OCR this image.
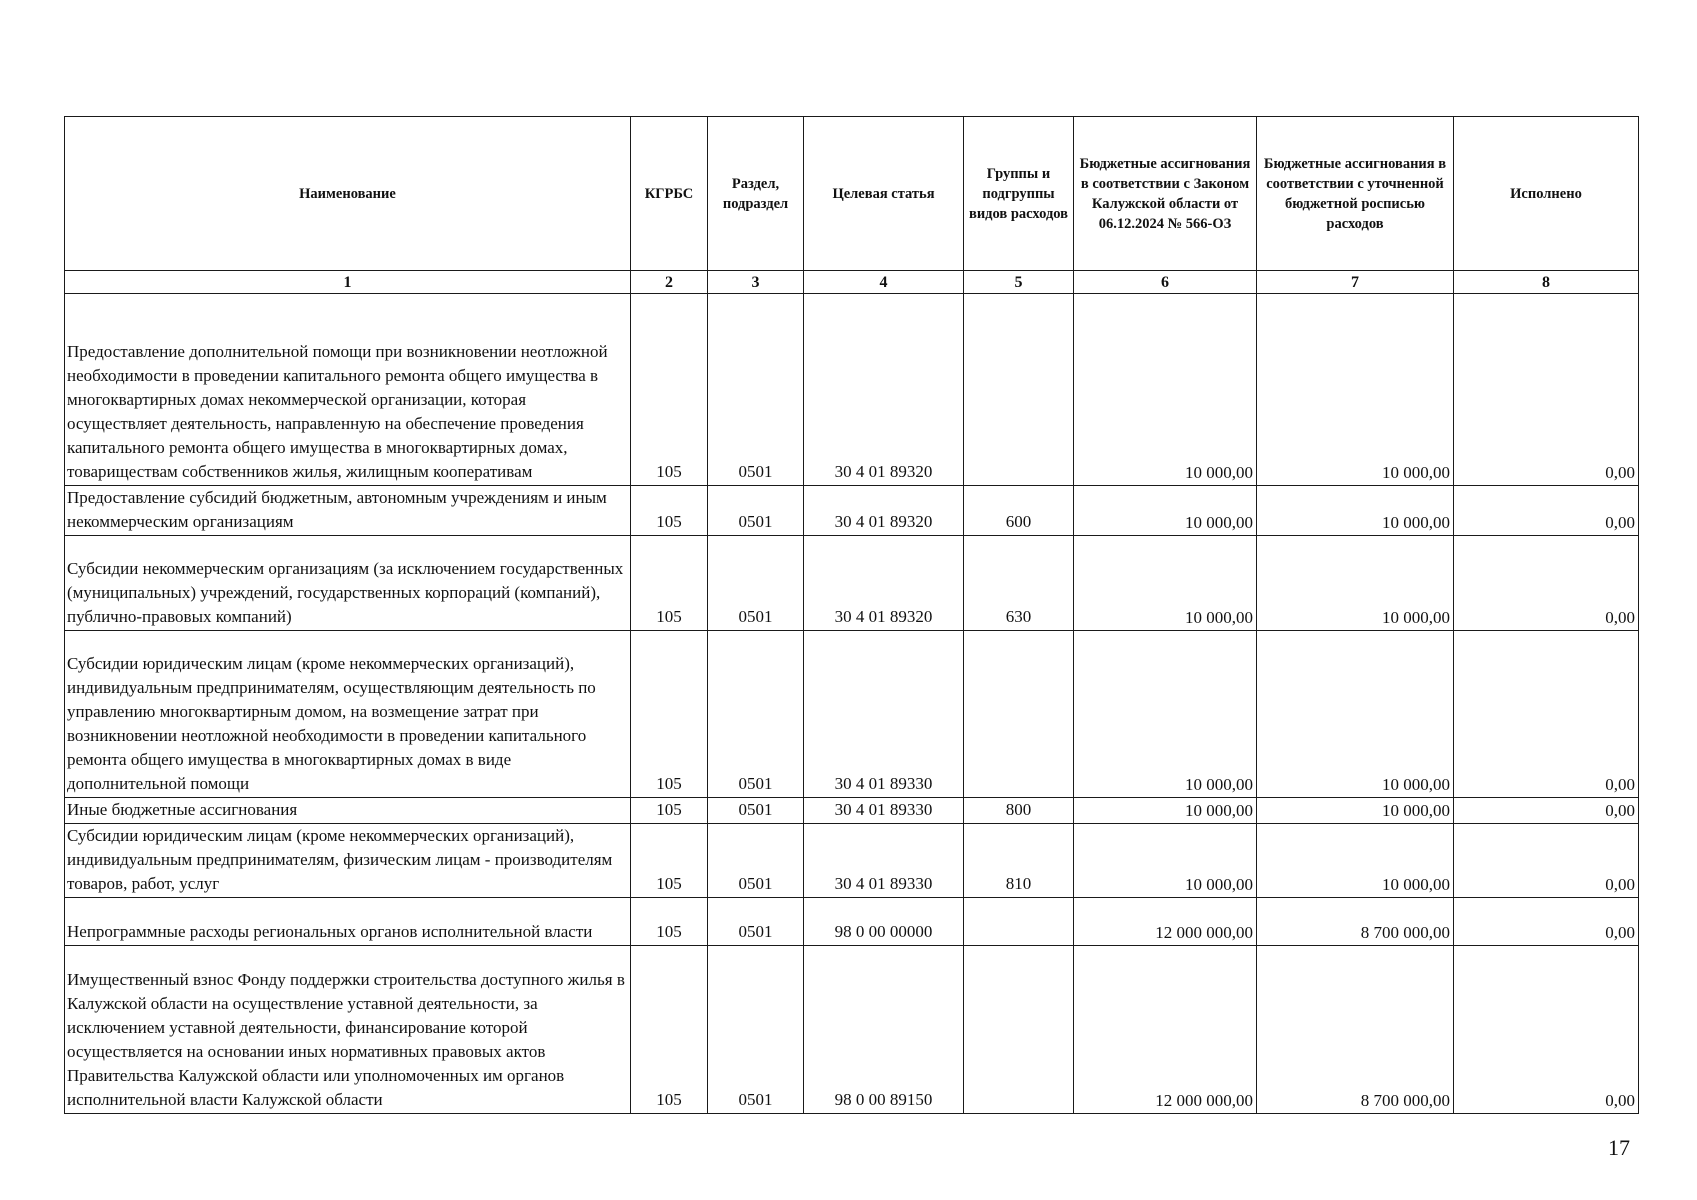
Наименование	КГРБС	Раздел, подраздел	Целевая статья	Группы и подгруппы видов расходов	Бюджетные ассигнования в соответствии с Законом Калужской области от 06.12.2024 № 566-ОЗ	Бюджетные ассигнования в соответствии с уточненной бюджетной росписью расходов	Исполнено
1	2	3	4	5	6	7	8
Предоставление дополнительной помощи при возникновении неотложной необходимости в проведении капитального ремонта общего имущества в многоквартирных домах некоммерческой организации, которая осуществляет деятельность, направленную на обеспечение проведения капитального ремонта общего имущества в многоквартирных домах, товариществам собственников жилья, жилищным кооперативам	105	0501	30 4 01 89320		10 000,00	10 000,00	0,00
Предоставление субсидий бюджетным, автономным учреждениям и иным некоммерческим организациям	105	0501	30 4 01 89320	600	10 000,00	10 000,00	0,00
Субсидии некоммерческим организациям (за исключением государственных (муниципальных) учреждений, государственных корпораций (компаний), публично-правовых компаний)	105	0501	30 4 01 89320	630	10 000,00	10 000,00	0,00
Субсидии юридическим лицам (кроме некоммерческих организаций), индивидуальным предпринимателям, осуществляющим деятельность по управлению многоквартирным домом, на возмещение затрат при возникновении неотложной необходимости в проведении капитального ремонта общего имущества в многоквартирных домах в виде дополнительной помощи	105	0501	30 4 01 89330		10 000,00	10 000,00	0,00
Иные бюджетные ассигнования	105	0501	30 4 01 89330	800	10 000,00	10 000,00	0,00
Субсидии юридическим лицам (кроме некоммерческих организаций), индивидуальным предпринимателям, физическим лицам - производителям товаров, работ, услуг	105	0501	30 4 01 89330	810	10 000,00	10 000,00	0,00
Непрограммные расходы региональных органов исполнительной власти	105	0501	98 0 00 00000		12 000 000,00	8 700 000,00	0,00
Имущественный взнос Фонду поддержки строительства доступного жилья в Калужской области на осуществление уставной деятельности, за исключением уставной деятельности, финансирование которой осуществляется на основании иных нормативных правовых актов Правительства Калужской области или уполномоченных им органов исполнительной власти Калужской области	105	0501	98 0 00 89150		12 000 000,00	8 700 000,00	0,00
17
